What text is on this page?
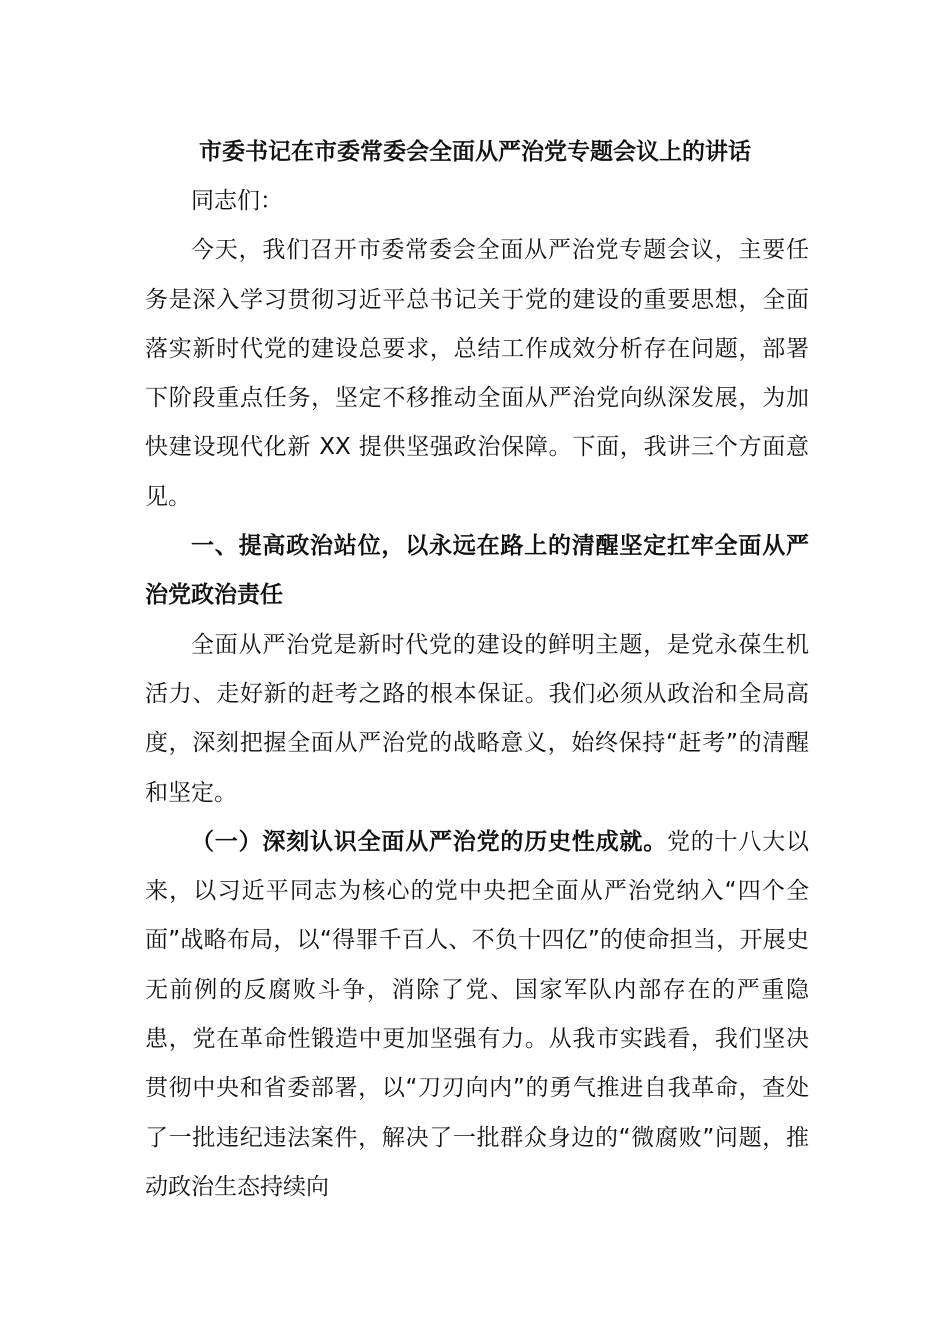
市委书记在市委常委会全面从严治党专题会议上的讲话

同志们：

今天，我们召开市委常委会全面从严治党专题会议，主要任务是深入学习贯彻习近平总书记关于党的建设的重要思想，全面落实新时代党的建设总要求，总结工作成效分析存在问题，部署下阶段重点任务，坚定不移推动全面从严治党向纵深发展，为加快建设现代化新 XX 提供坚强政治保障。下面，我讲三个方面意见。

一、提高政治站位，以永远在路上的清醒坚定扛牢全面从严治党政治责任

全面从严治党是新时代党的建设的鲜明主题，是党永葆生机活力、走好新的赶考之路的根本保证。我们必须从政治和全局高度，深刻把握全面从严治党的战略意义，始终保持“赶考”的清醒和坚定。

（一）深刻认识全面从严治党的历史性成就。党的十八大以来，以习近平同志为核心的党中央把全面从严治党纳入“四个全面”战略布局，以“得罪千百人、不负十四亿”的使命担当，开展史无前例的反腐败斗争，消除了党、国家军队内部存在的严重隐患，党在革命性锻造中更加坚强有力。从我市实践看，我们坚决贯彻中央和省委部署，以“刀刃向内”的勇气推进自我革命，查处了一批违纪违法案件，解决了一批群众身边的“微腐败”问题，推动政治生态持续向
